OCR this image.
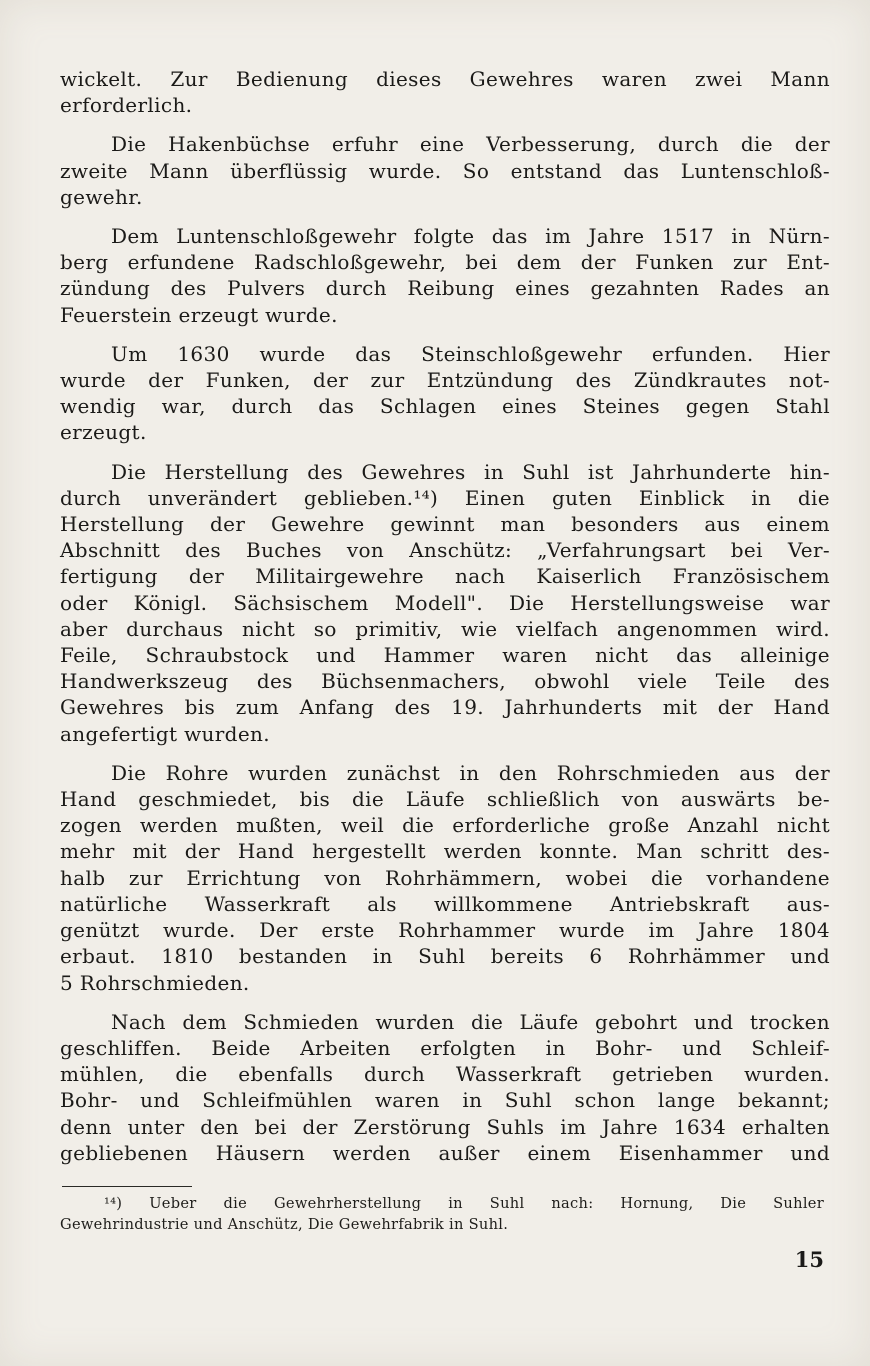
wickelt. Zur Bedienung dieses Gewehres waren zwei Mann
erforderlich.

Die Hakenbüchse erfuhr eine Verbesserung, durch die der
zweite Mann überflüssig wurde. So entstand das Luntenschloß-
gewehr.

Dem Luntenschloßgewehr folgte das im Jahre 1517 in Nürn-
berg erfundene Radschloßgewehr, bei dem der Funken zur Ent-
zündung des Pulvers durch Reibung eines gezahnten Rades an
Feuerstein erzeugt wurde.

Um 1630 wurde das Steinschloßgewehr erfunden. Hier
wurde der Funken, der zur Entzündung des Zündkrautes not-
wendig war, durch das Schlagen eines Steines gegen Stahl
erzeugt.

Die Herstellung des Gewehres in Suhl ist Jahrhunderte hin-
durch unverändert geblieben.¹⁴) Einen guten Einblick in die
Herstellung der Gewehre gewinnt man besonders aus einem
Abschnitt des Buches von Anschütz: „Verfahrungsart bei Ver-
fertigung der Militairgewehre nach Kaiserlich Französischem
oder Königl. Sächsischem Modell". Die Herstellungsweise war
aber durchaus nicht so primitiv, wie vielfach angenommen wird.
Feile, Schraubstock und Hammer waren nicht das alleinige
Handwerkszeug des Büchsenmachers, obwohl viele Teile des
Gewehres bis zum Anfang des 19. Jahrhunderts mit der Hand
angefertigt wurden.

Die Rohre wurden zunächst in den Rohrschmieden aus der
Hand geschmiedet, bis die Läufe schließlich von auswärts be-
zogen werden mußten, weil die erforderliche große Anzahl nicht
mehr mit der Hand hergestellt werden konnte. Man schritt des-
halb zur Errichtung von Rohrhämmern, wobei die vorhandene
natürliche Wasserkraft als willkommene Antriebskraft aus-
genützt wurde. Der erste Rohrhammer wurde im Jahre 1804
erbaut. 1810 bestanden in Suhl bereits 6 Rohrhämmer und
5 Rohrschmieden.

Nach dem Schmieden wurden die Läufe gebohrt und trocken
geschliffen. Beide Arbeiten erfolgten in Bohr- und Schleif-
mühlen, die ebenfalls durch Wasserkraft getrieben wurden.
Bohr- und Schleifmühlen waren in Suhl schon lange bekannt;
denn unter den bei der Zerstörung Suhls im Jahre 1634 erhalten
gebliebenen Häusern werden außer einem Eisenhammer und

¹⁴) Ueber die Gewehrherstellung in Suhl nach: Hornung, Die Suhler
Gewehrindustrie und Anschütz, Die Gewehrfabrik in Suhl.
15
